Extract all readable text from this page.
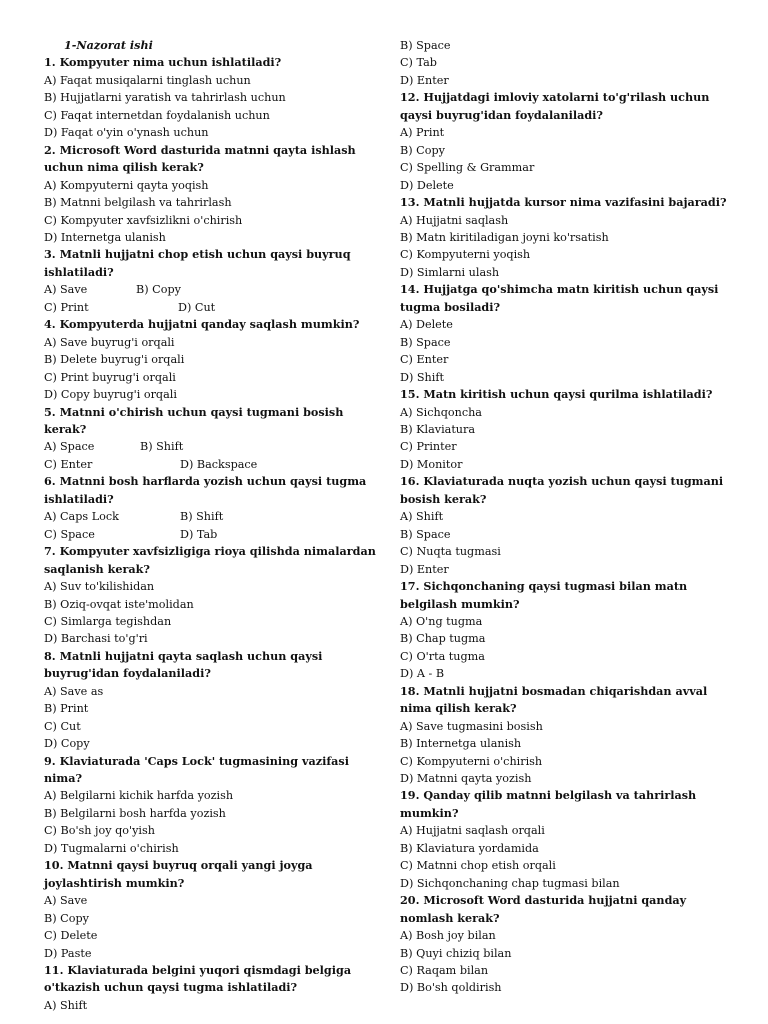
1-Nazorat ishi
1. Kompyuter nima uchun ishlatiladi?
A) Faqat musiqalarni tinglash uchun
B) Hujjatlarni yaratish va tahrirlash uchun
C) Faqat internetdan foydalanish uchun
D) Faqat o'yin o'ynash uchun
2. Microsoft Word dasturida matnni qayta ishlash uchun nima qilish kerak?
A) Kompyuterni qayta yoqish
B) Matnni belgilash va tahrirlash
C) Kompyuter xavfsizlikni o'chirish
D) Internetga ulanish
3. Matnli hujjatni chop etish uchun qaysi buyruq ishlatiladi?
A) Save	B) Copy
C) Print	D) Cut
4. Kompyuterda hujjatni qanday saqlash mumkin?
A) Save buyrug'i orqali
B) Delete buyrug'i orqali
C) Print buyrug'i orqali
D) Copy buyrug'i orqali
5. Matnni o'chirish uchun qaysi tugmani bosish kerak?
A) Space	B) Shift
C) Enter	D) Backspace
6. Matnni bosh harflarda yozish uchun qaysi tugma ishlatiladi?
A) Caps Lock	B) Shift
C) Space	D) Tab
7. Kompyuter xavfsizligiga rioya qilishda nimalardan saqlanish kerak?
A) Suv to'kilishidan
B) Oziq-ovqat iste'molidan
C) Simlarga tegishdan
D) Barchasi to'g'ri
8. Matnli hujjatni qayta saqlash uchun qaysi buyrug'idan foydalaniladi?
A) Save as
B) Print
C) Cut
D) Copy
9. Klaviaturada 'Caps Lock' tugmasining vazifasi nima?
A) Belgilarni kichik harfda yozish
B) Belgilarni bosh harfda yozish
C) Bo'sh joy qo'yish
D) Tugmalarni o'chirish
10. Matnni qaysi buyruq orqali yangi joyga joylashtirish mumkin?
A) Save
B) Copy
C) Delete
D) Paste
11. Klaviaturada belgini yuqori qismdagi belgiga o'tkazish uchun qaysi tugma ishlatiladi?
A) Shift
B) Space
C) Tab
D) Enter
12. Hujjatdagi imloviy xatolarni to'g'rilash uchun qaysi buyrug'idan foydalaniladi?
A) Print
B) Copy
C) Spelling & Grammar
D) Delete
13. Matnli hujjatda kursor nima vazifasini bajaradi?
A) Hujjatni saqlash
B) Matn kiritiladigan joyni ko'rsatish
C) Kompyuterni yoqish
D) Simlarni ulash
14. Hujjatga qo'shimcha matn kiritish uchun qaysi tugma bosiladi?
A) Delete
B) Space
C) Enter
D) Shift
15. Matn kiritish uchun qaysi qurilma ishlatiladi?
A) Sichqoncha
B) Klaviatura
C) Printer
D) Monitor
16. Klaviaturada nuqta yozish uchun qaysi tugmani bosish kerak?
A) Shift
B) Space
C) Nuqta tugmasi
D) Enter
17. Sichqonchaning qaysi tugmasi bilan matn belgilash mumkin?
A) O'ng tugma
B) Chap tugma
C) O'rta tugma
D) A - B
18. Matnli hujjatni bosmadan chiqarishdan avval nima qilish kerak?
A) Save tugmasini bosish
B) Internetga ulanish
C) Kompyuterni o'chirish
D) Matnni qayta yozish
19. Qanday qilib matnni belgilash va tahrirlash mumkin?
A) Hujjatni saqlash orqali
B) Klaviatura yordamida
C) Matnni chop etish orqali
D) Sichqonchaning chap tugmasi bilan
20. Microsoft Word dasturida hujjatni qanday nomlash kerak?
A) Bosh joy bilan
B) Quyi chiziq bilan
C) Raqam bilan
D) Bo'sh qoldirish
